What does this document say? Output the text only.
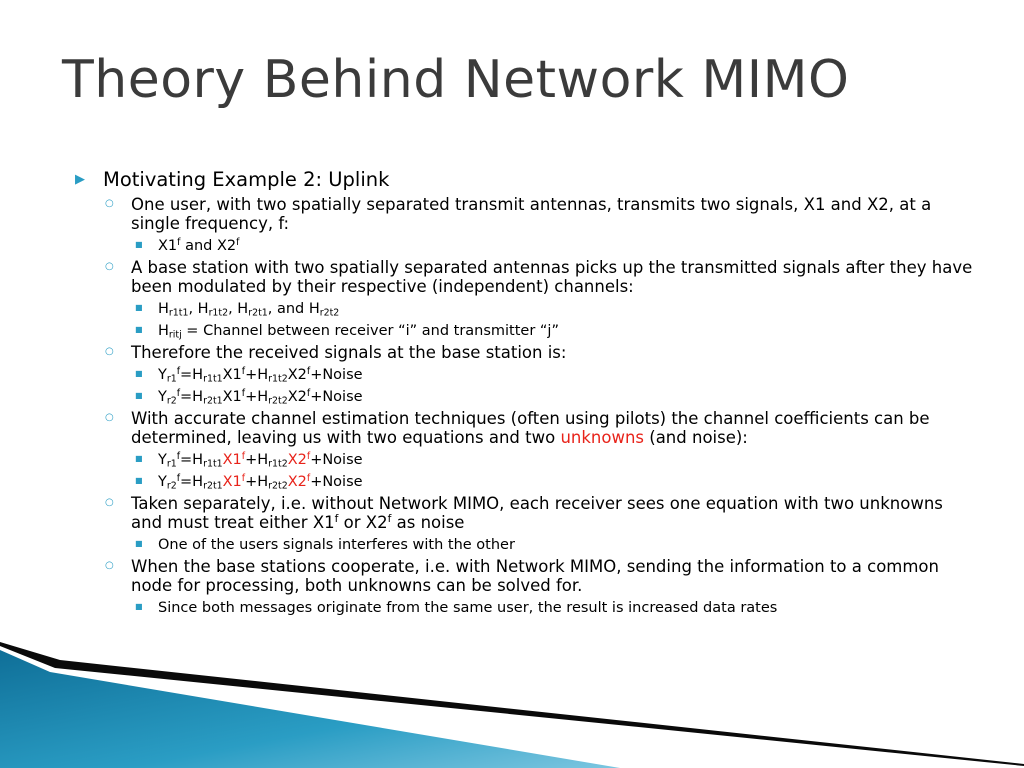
Theory Behind Network MIMO
▶ Motivating Example 2: Uplink
○ One user, with two spatially separated transmit antennas, transmits two signals, X1 and X2, at a single frequency, f:
■ X1$^f$ and X2$^f$
○ A base station with two spatially separated antennas picks up the transmitted signals after they have been modulated by their respective (independent) channels:
■ $H_{r1t1}$, $H_{r1t2}$, $H_{r2t1}$, and $H_{r2t2}$
■ $H_{ritj}$ = Channel between receiver “i” and transmitter “j”
○ Therefore the received signals at the base station is:
■ $Y_{r1}^f=H_{r1t1}X1^f+H_{r1t2}X2^f+Noise$
■ $Y_{r2}^f=H_{r2t1}X1^f+H_{r2t2}X2^f+Noise$
○ With accurate channel estimation techniques (often using pilots) the channel coefficients can be determined, leaving us with two equations and two unknowns (and noise):
■ $Y_{r1}^f=H_{r1t1}X1^f+H_{r1t2}X2^f+Noise$
■ $Y_{r2}^f=H_{r2t1}X1^f+H_{r2t2}X2^f+Noise$
○ Taken separately, i.e. without Network MIMO, each receiver sees one equation with two unknowns and must treat either X1$^f$ or X2$^f$ as noise
■ One of the users signals interferes with the other
○ When the base stations cooperate, i.e. with Network MIMO, sending the information to a common node for processing, both unknowns can be solved for.
■ Since both messages originate from the same user, the result is increased data rates
